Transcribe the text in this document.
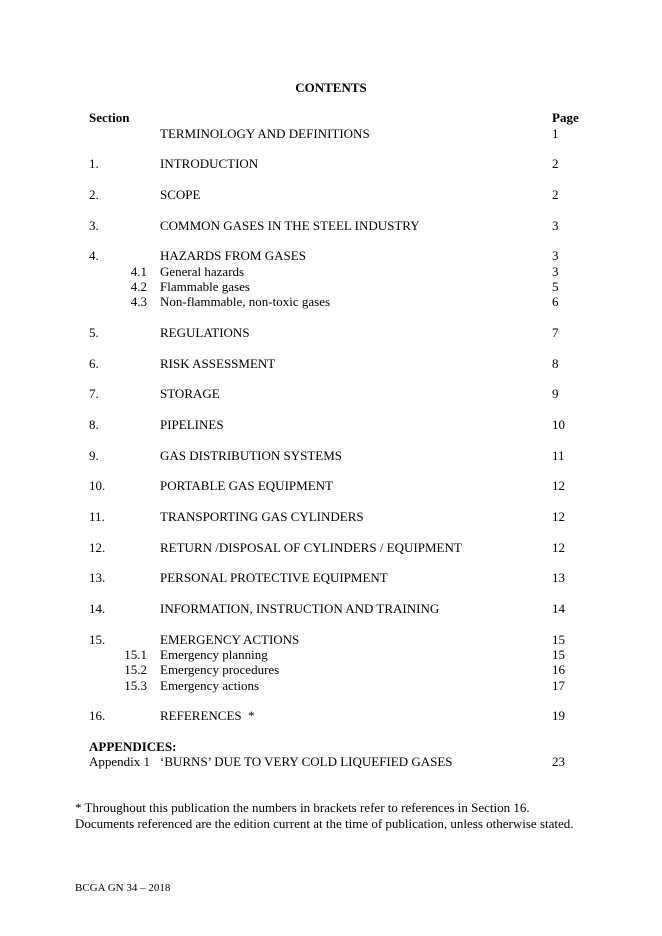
CONTENTS
Section	Page
TERMINOLOGY AND DEFINITIONS	1
1.	INTRODUCTION	2
2.	SCOPE	2
3.	COMMON GASES IN THE STEEL INDUSTRY	3
4.	HAZARDS FROM GASES	3
4.1 General hazards	3
4.2 Flammable gases	5
4.3 Non-flammable, non-toxic gases	6
5.	REGULATIONS	7
6.	RISK ASSESSMENT	8
7.	STORAGE	9
8.	PIPELINES	10
9.	GAS DISTRIBUTION SYSTEMS	11
10.	PORTABLE GAS EQUIPMENT	12
11.	TRANSPORTING GAS CYLINDERS	12
12.	RETURN /DISPOSAL OF CYLINDERS / EQUIPMENT	12
13.	PERSONAL PROTECTIVE EQUIPMENT	13
14.	INFORMATION, INSTRUCTION AND TRAINING	14
15.	EMERGENCY ACTIONS	15
15.1 Emergency planning	15
15.2 Emergency procedures	16
15.3 Emergency actions	17
16.	REFERENCES  *	19
APPENDICES:
Appendix 1 ‘BURNS’ DUE TO VERY COLD LIQUEFIED GASES	23
* Throughout this publication the numbers in brackets refer to references in Section 16. Documents referenced are the edition current at the time of publication, unless otherwise stated.
BCGA GN 34 – 2018
